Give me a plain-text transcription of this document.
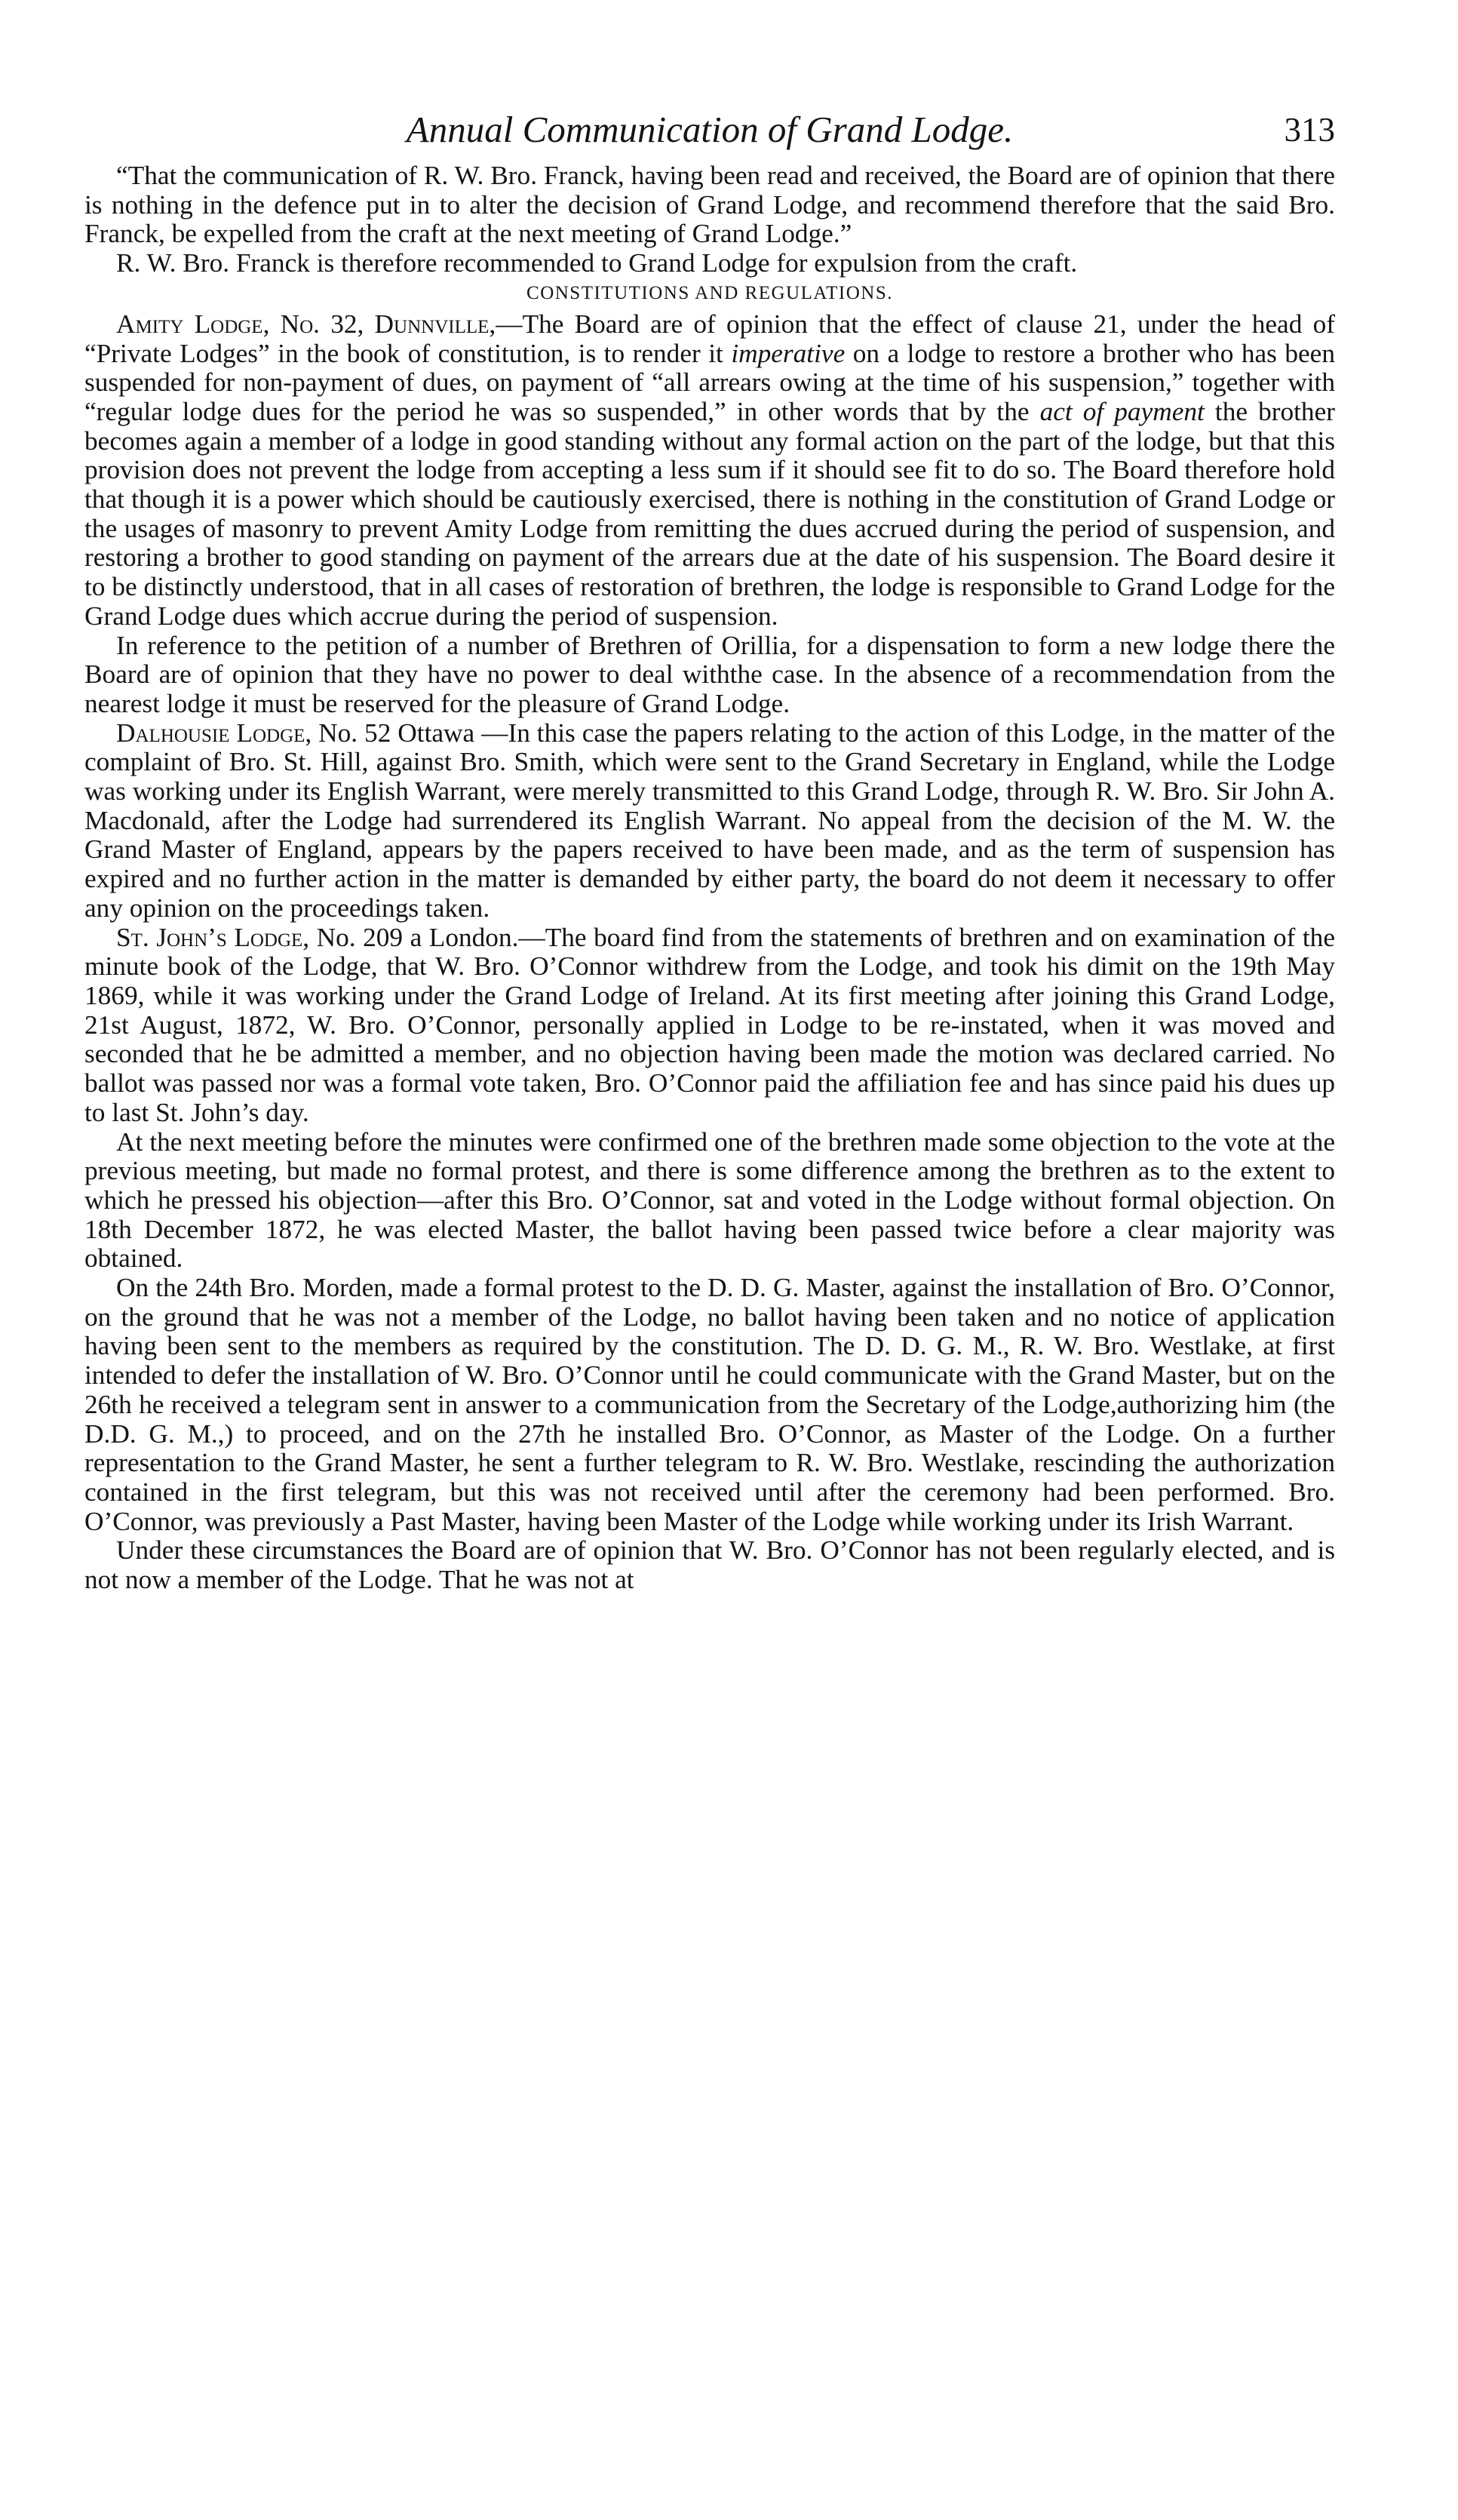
Annual Communication of Grand Lodge.	313

“That the communication of R. W. Bro. Franck, having been read and received, the Board are of opinion that there is nothing in the defence put in to alter the decision of Grand Lodge, and recommend therefore that the said Bro. Franck, be expelled from the craft at the next meeting of Grand Lodge.”

R. W. Bro. Franck is therefore recommended to Grand Lodge for expulsion from the craft.

CONSTITUTIONS AND REGULATIONS.

Amity Lodge, No. 32, Dunnville,—The Board are of opinion that the effect of clause 21, under the head of “Private Lodges” in the book of constitution, is to render it imperative on a lodge to restore a brother who has been suspended for non-payment of dues, on payment of “all arrears owing at the time of his suspension,” together with “regular lodge dues for the period he was so suspended,” in other words that by the act of payment the brother becomes again a member of a lodge in good standing without any formal action on the part of the lodge, but that this provision does not prevent the lodge from accepting a less sum if it should see fit to do so. The Board therefore hold that though it is a power which should be cautiously exercised, there is nothing in the constitution of Grand Lodge or the usages of masonry to prevent Amity Lodge from remitting the dues accrued during the period of suspension, and restoring a brother to good standing on payment of the arrears due at the date of his suspension. The Board desire it to be distinctly understood, that in all cases of restoration of brethren, the lodge is responsible to Grand Lodge for the Grand Lodge dues which accrue during the period of suspension.

In reference to the petition of a number of Brethren of Orillia, for a dispensation to form a new lodge there the Board are of opinion that they have no power to deal withthe case. In the absence of a recommendation from the nearest lodge it must be reserved for the pleasure of Grand Lodge.

Dalhousie Lodge, No. 52 Ottawa —In this case the papers relating to the action of this Lodge, in the matter of the complaint of Bro. St. Hill, against Bro. Smith, which were sent to the Grand Secretary in England, while the Lodge was working under its English Warrant, were merely transmitted to this Grand Lodge, through R. W. Bro. Sir John A. Macdonald, after the Lodge had surrendered its English Warrant. No appeal from the decision of the M. W. the Grand Master of England, appears by the papers received to have been made, and as the term of suspension has expired and no further action in the matter is demanded by either party, the board do not deem it necessary to offer any opinion on the proceedings taken.

St. John’s Lodge, No. 209 a London.—The board find from the statements of brethren and on examination of the minute book of the Lodge, that W. Bro. O’Connor withdrew from the Lodge, and took his dimit on the 19th May 1869, while it was working under the Grand Lodge of Ireland. At its first meeting after joining this Grand Lodge, 21st August, 1872, W. Bro. O’Connor, personally applied in Lodge to be re-instated, when it was moved and seconded that he be admitted a member, and no objection having been made the motion was declared carried. No ballot was passed nor was a formal vote taken, Bro. O’Connor paid the affiliation fee and has since paid his dues up to last St. John’s day.

At the next meeting before the minutes were confirmed one of the brethren made some objection to the vote at the previous meeting, but made no formal protest, and there is some difference among the brethren as to the extent to which he pressed his objection—after this Bro. O’Connor, sat and voted in the Lodge without formal objection. On 18th December 1872, he was elected Master, the ballot having been passed twice before a clear majority was obtained.

On the 24th Bro. Morden, made a formal protest to the D. D. G. Master, against the installation of Bro. O’Connor, on the ground that he was not a member of the Lodge, no ballot having been taken and no notice of application having been sent to the members as required by the constitution. The D. D. G. M., R. W. Bro. Westlake, at first intended to defer the installation of W. Bro. O’Connor until he could communicate with the Grand Master, but on the 26th he received a telegram sent in answer to a communication from the Secretary of the Lodge,authorizing him (the D.D. G. M.,) to proceed, and on the 27th he installed Bro. O’Connor, as Master of the Lodge. On a further representation to the Grand Master, he sent a further telegram to R. W. Bro. Westlake, rescinding the authorization contained in the first telegram, but this was not received until after the ceremony had been performed. Bro. O’Connor, was previously a Past Master, having been Master of the Lodge while working under its Irish Warrant.

Under these circumstances the Board are of opinion that W. Bro. O’Connor has not been regularly elected, and is not now a member of the Lodge. That he was not at
